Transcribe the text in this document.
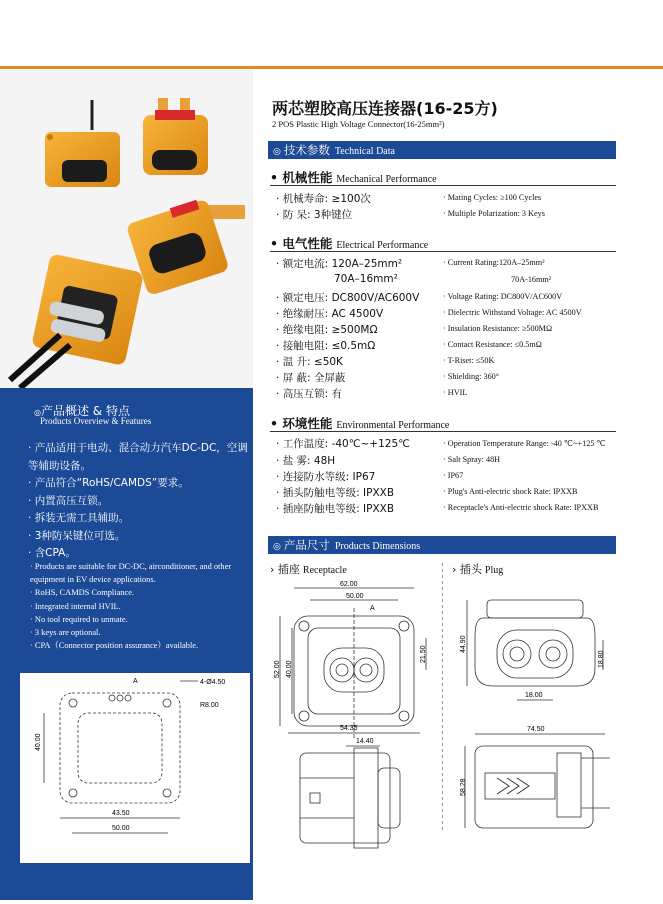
◎产品概述 & 特点
Products Overview & Features
· 产品适用于电动、混合动力汽车DC-DC，空调等辅助设备。
· 产品符合“RoHS/CAMDS”要求。
· 内置高压互锁。
· 拆装无需工具辅助。
· 3种防呆键位可选。
· 含CPA。
· Products are suitable for DC-DC, airconditioner, and other equipment in EV device applications.
· RoHS, CAMDS Compliance.
· Integrated internal HVIL.
· No tool required to unmate.
· 3 keys are optional.
· CPA（Connector position assurance）available.
A	4-Ø4.50
R8.00
40.00
43.50
50.00
安装面板
Panel
两芯塑胶高压连接器(16-25方)
2 POS Plastic High Voltage Connector(16-25mm²)
◎ 技术参数 Technical Data
• 机械性能 Mechanical Performance
· 机械寿命: ≥100次	· Mating Cycles: ≥100 Cycles
· 防 呆: 3种键位	· Multiple Polarization: 3 Keys
• 电气性能 Electrical Performance
· 额定电流: 120A–25mm²	· Current Rating:120A–25mm²
70A–16mm²	70A-16mm²
· 额定电压: DC800V/AC600V	· Voltage Rating: DC800V/AC600V
· 绝缘耐压: AC 4500V	· Dielectric Withstand Voltage: AC 4500V
· 绝缘电阻: ≥500MΩ	· Insulation Resistance: ≥500MΩ
· 接触电阻: ≤0.5mΩ	· Contact Resistance: ≤0.5mΩ
· 温 升: ≤50K	· T-Riset: ≤50K
· 屏 蔽: 全屏蔽	· Shielding: 360°
· 高压互锁: 有	· HVIL
• 环境性能 Environmental Performance
· 工作温度: -40℃~+125℃	· Operation Temperature Range: -40 ℃~+125 ℃
· 盐 雾: 48H	· Salt Spray: 48H
· 连接防水等级: IP67	· IP67
· 插头防触电等级: IPXXB	· Plug's Anti-electric shock Rate: IPXXB
· 插座防触电等级: IPXXB	· Receptacle's Anti-electric shock Rate: IPXXB
◎ 产品尺寸 Products Dimensions
› 插座 Receptacle	› 插头 Plug
62.00
50.00
A
52.00 40.00
21.50
54.35
14.40
44.90
18.80
18.00
74.50
58.28
